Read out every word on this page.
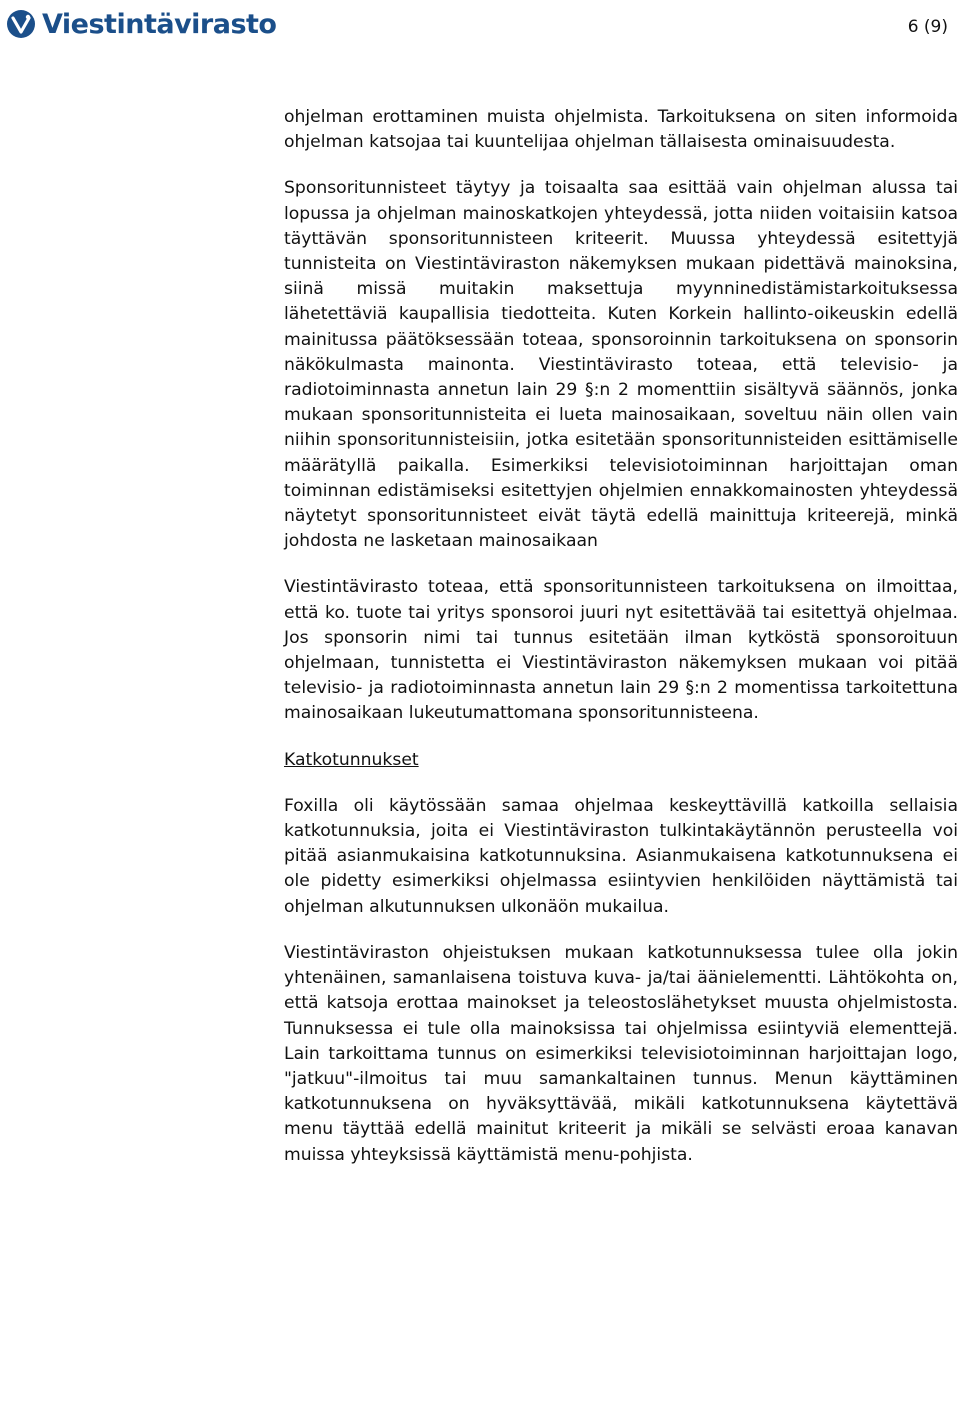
Viestintävirasto	6 (9)

ohjelman erottaminen muista ohjelmista. Tarkoituksena on siten informoida ohjelman katsojaa tai kuuntelijaa ohjelman tällaisesta ominaisuudesta.

Sponsoritunnisteet täytyy ja toisaalta saa esittää vain ohjelman alussa tai lopussa ja ohjelman mainoskatkojen yhteydessä, jotta niiden voitaisiin katsoa täyttävän sponsoritunnisteen kriteerit. Muussa yhteydessä esitettyjä tunnisteita on Viestintäviraston näkemyksen mukaan pidettävä mainoksina, siinä missä muitakin maksettuja myynninedistämistarkoituksessa lähetettäviä kaupallisia tiedotteita. Kuten Korkein hallinto-oikeuskin edellä mainitussa päätöksessään toteaa, sponsoroinnin tarkoituksena on sponsorin näkökulmasta mainonta. Viestintävirasto toteaa, että televisio- ja radiotoiminnasta annetun lain 29 §:n 2 momenttiin sisältyvä säännös, jonka mukaan sponsoritunnisteita ei lueta mainosaikaan, soveltuu näin ollen vain niihin sponsoritunnisteisiin, jotka esitetään sponsoritunnisteiden esittämiselle määrätyllä paikalla. Esimerkiksi televisiotoiminnan harjoittajan oman toiminnan edistämiseksi esitettyjen ohjelmien ennakkomainosten yhteydessä näytetyt sponsoritunnisteet eivät täytä edellä mainittuja kriteerejä, minkä johdosta ne lasketaan mainosaikaan

Viestintävirasto toteaa, että sponsoritunnisteen tarkoituksena on ilmoittaa, että ko. tuote tai yritys sponsoroi juuri nyt esitettävää tai esitettyä ohjelmaa. Jos sponsorin nimi tai tunnus esitetään ilman kytköstä sponsoroituun ohjelmaan, tunnistetta ei Viestintäviraston näkemyksen mukaan voi pitää televisio- ja radiotoiminnasta annetun lain 29 §:n 2 momentissa tarkoitettuna mainosaikaan lukeutumattomana sponsoritunnisteena.

Katkotunnukset

Foxilla oli käytössään samaa ohjelmaa keskeyttävillä katkoilla sellaisia katkotunnuksia, joita ei Viestintäviraston tulkintakäytännön perusteella voi pitää asianmukaisina katkotunnuksina. Asianmukaisena katkotunnuksena ei ole pidetty esimerkiksi ohjelmassa esiintyvien henkilöiden näyttämistä tai ohjelman alkutunnuksen ulkonäön mukailua.

Viestintäviraston ohjeistuksen mukaan katkotunnuksessa tulee olla jokin yhtenäinen, samanlaisena toistuva kuva- ja/tai äänielementti. Lähtökohta on, että katsoja erottaa mainokset ja teleostoslähetykset muusta ohjelmistosta. Tunnuksessa ei tule olla mainoksissa tai ohjelmissa esiintyviä elementtejä. Lain tarkoittama tunnus on esimerkiksi televisiotoiminnan harjoittajan logo, "jatkuu"-ilmoitus tai muu samankaltainen tunnus. Menun käyttäminen katkotunnuksena on hyväksyttävää, mikäli katkotunnuksena käytettävä menu täyttää edellä mainitut kriteerit ja mikäli se selvästi eroaa kanavan muissa yhteyksissä käyttämistä menu-pohjista.
